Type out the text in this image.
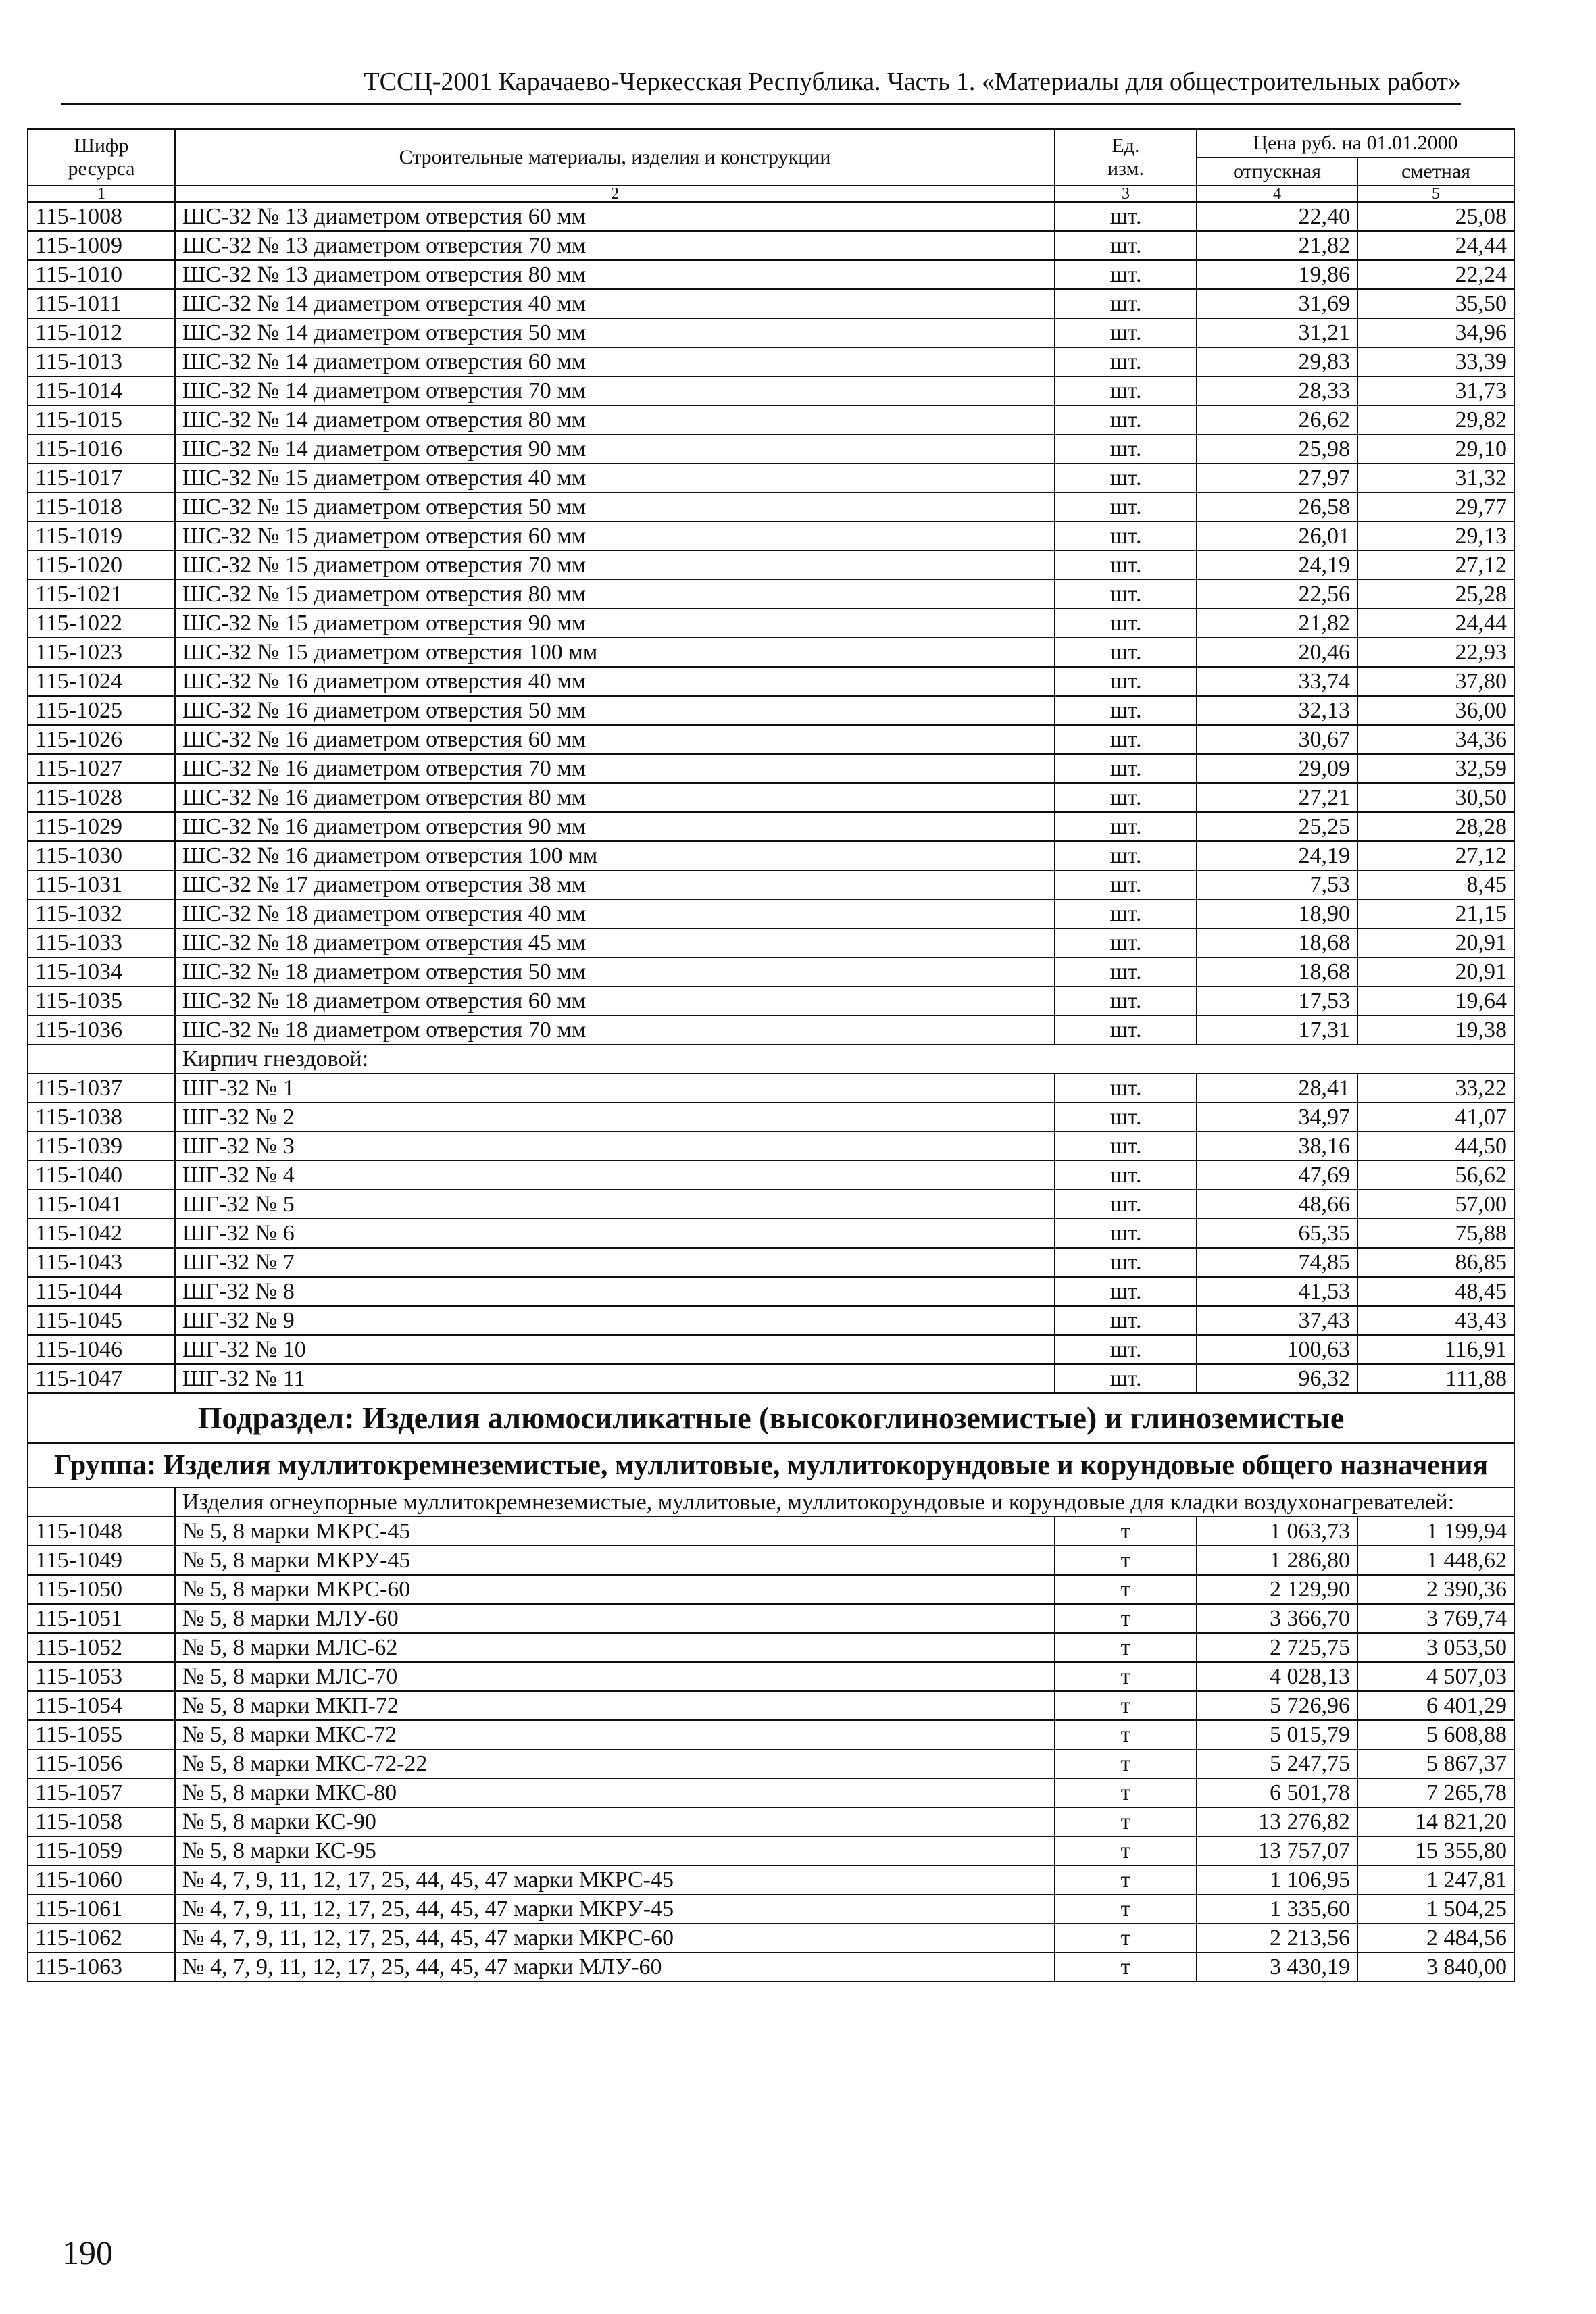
ТССЦ-2001 Карачаево-Черкесская Республика. Часть 1. «Материалы для общестроительных работ»
Шифр
ресурса	Строительные материалы, изделия и конструкции	Ед.
изм.	Цена руб. на 01.01.2000	
			отпускная	сметная
1	2	3	4	5
115-1008	ШС-32 № 13 диаметром отверстия 60 мм	шт.	22,40	25,08
115-1009	ШС-32 № 13 диаметром отверстия 70 мм	шт.	21,82	24,44
115-1010	ШС-32 № 13 диаметром отверстия 80 мм	шт.	19,86	22,24
115-1011	ШС-32 № 14 диаметром отверстия 40 мм	шт.	31,69	35,50
115-1012	ШС-32 № 14 диаметром отверстия 50 мм	шт.	31,21	34,96
115-1013	ШС-32 № 14 диаметром отверстия 60 мм	шт.	29,83	33,39
115-1014	ШС-32 № 14 диаметром отверстия 70 мм	шт.	28,33	31,73
115-1015	ШС-32 № 14 диаметром отверстия 80 мм	шт.	26,62	29,82
115-1016	ШС-32 № 14 диаметром отверстия 90 мм	шт.	25,98	29,10
115-1017	ШС-32 № 15 диаметром отверстия 40 мм	шт.	27,97	31,32
115-1018	ШС-32 № 15 диаметром отверстия 50 мм	шт.	26,58	29,77
115-1019	ШС-32 № 15 диаметром отверстия 60 мм	шт.	26,01	29,13
115-1020	ШС-32 № 15 диаметром отверстия 70 мм	шт.	24,19	27,12
115-1021	ШС-32 № 15 диаметром отверстия 80 мм	шт.	22,56	25,28
115-1022	ШС-32 № 15 диаметром отверстия 90 мм	шт.	21,82	24,44
115-1023	ШС-32 № 15 диаметром отверстия 100 мм	шт.	20,46	22,93
115-1024	ШС-32 № 16 диаметром отверстия 40 мм	шт.	33,74	37,80
115-1025	ШС-32 № 16 диаметром отверстия 50 мм	шт.	32,13	36,00
115-1026	ШС-32 № 16 диаметром отверстия 60 мм	шт.	30,67	34,36
115-1027	ШС-32 № 16 диаметром отверстия 70 мм	шт.	29,09	32,59
115-1028	ШС-32 № 16 диаметром отверстия 80 мм	шт.	27,21	30,50
115-1029	ШС-32 № 16 диаметром отверстия 90 мм	шт.	25,25	28,28
115-1030	ШС-32 № 16 диаметром отверстия 100 мм	шт.	24,19	27,12
115-1031	ШС-32 № 17 диаметром отверстия 38 мм	шт.	7,53	8,45
115-1032	ШС-32 № 18 диаметром отверстия 40 мм	шт.	18,90	21,15
115-1033	ШС-32 № 18 диаметром отверстия 45 мм	шт.	18,68	20,91
115-1034	ШС-32 № 18 диаметром отверстия 50 мм	шт.	18,68	20,91
115-1035	ШС-32 № 18 диаметром отверстия 60 мм	шт.	17,53	19,64
115-1036	ШС-32 № 18 диаметром отверстия 70 мм	шт.	17,31	19,38
	Кирпич гнездовой:			
115-1037	ШГ-32 № 1	шт.	28,41	33,22
115-1038	ШГ-32 № 2	шт.	34,97	41,07
115-1039	ШГ-32 № 3	шт.	38,16	44,50
115-1040	ШГ-32 № 4	шт.	47,69	56,62
115-1041	ШГ-32 № 5	шт.	48,66	57,00
115-1042	ШГ-32 № 6	шт.	65,35	75,88
115-1043	ШГ-32 № 7	шт.	74,85	86,85
115-1044	ШГ-32 № 8	шт.	41,53	48,45
115-1045	ШГ-32 № 9	шт.	37,43	43,43
115-1046	ШГ-32 № 10	шт.	100,63	116,91
115-1047	ШГ-32 № 11	шт.	96,32	111,88
Подраздел: Изделия алюмосиликатные (высокоглиноземистые) и глиноземистые				
Группа: Изделия муллитокремнеземистые, муллитовые, муллитокорундовые и корундовые общего назначения				
	Изделия огнеупорные муллитокремнеземистые, муллитовые, муллитокорундовые и корундовые для кладки воздухонагревателей:			
115-1048	№ 5, 8 марки МКРС-45	т	1 063,73	1 199,94
115-1049	№ 5, 8 марки МКРУ-45	т	1 286,80	1 448,62
115-1050	№ 5, 8 марки МКРС-60	т	2 129,90	2 390,36
115-1051	№ 5, 8 марки МЛУ-60	т	3 366,70	3 769,74
115-1052	№ 5, 8 марки МЛС-62	т	2 725,75	3 053,50
115-1053	№ 5, 8 марки МЛС-70	т	4 028,13	4 507,03
115-1054	№ 5, 8 марки МКП-72	т	5 726,96	6 401,29
115-1055	№ 5, 8 марки МКС-72	т	5 015,79	5 608,88
115-1056	№ 5, 8 марки МКС-72-22	т	5 247,75	5 867,37
115-1057	№ 5, 8 марки МКС-80	т	6 501,78	7 265,78
115-1058	№ 5, 8 марки КС-90	т	13 276,82	14 821,20
115-1059	№ 5, 8 марки КС-95	т	13 757,07	15 355,80
115-1060	№ 4, 7, 9, 11, 12, 17, 25, 44, 45, 47 марки МКРС-45	т	1 106,95	1 247,81
115-1061	№ 4, 7, 9, 11, 12, 17, 25, 44, 45, 47 марки МКРУ-45	т	1 335,60	1 504,25
115-1062	№ 4, 7, 9, 11, 12, 17, 25, 44, 45, 47 марки МКРС-60	т	2 213,56	2 484,56
115-1063	№ 4, 7, 9, 11, 12, 17, 25, 44, 45, 47 марки МЛУ-60	т	3 430,19	3 840,00
190
